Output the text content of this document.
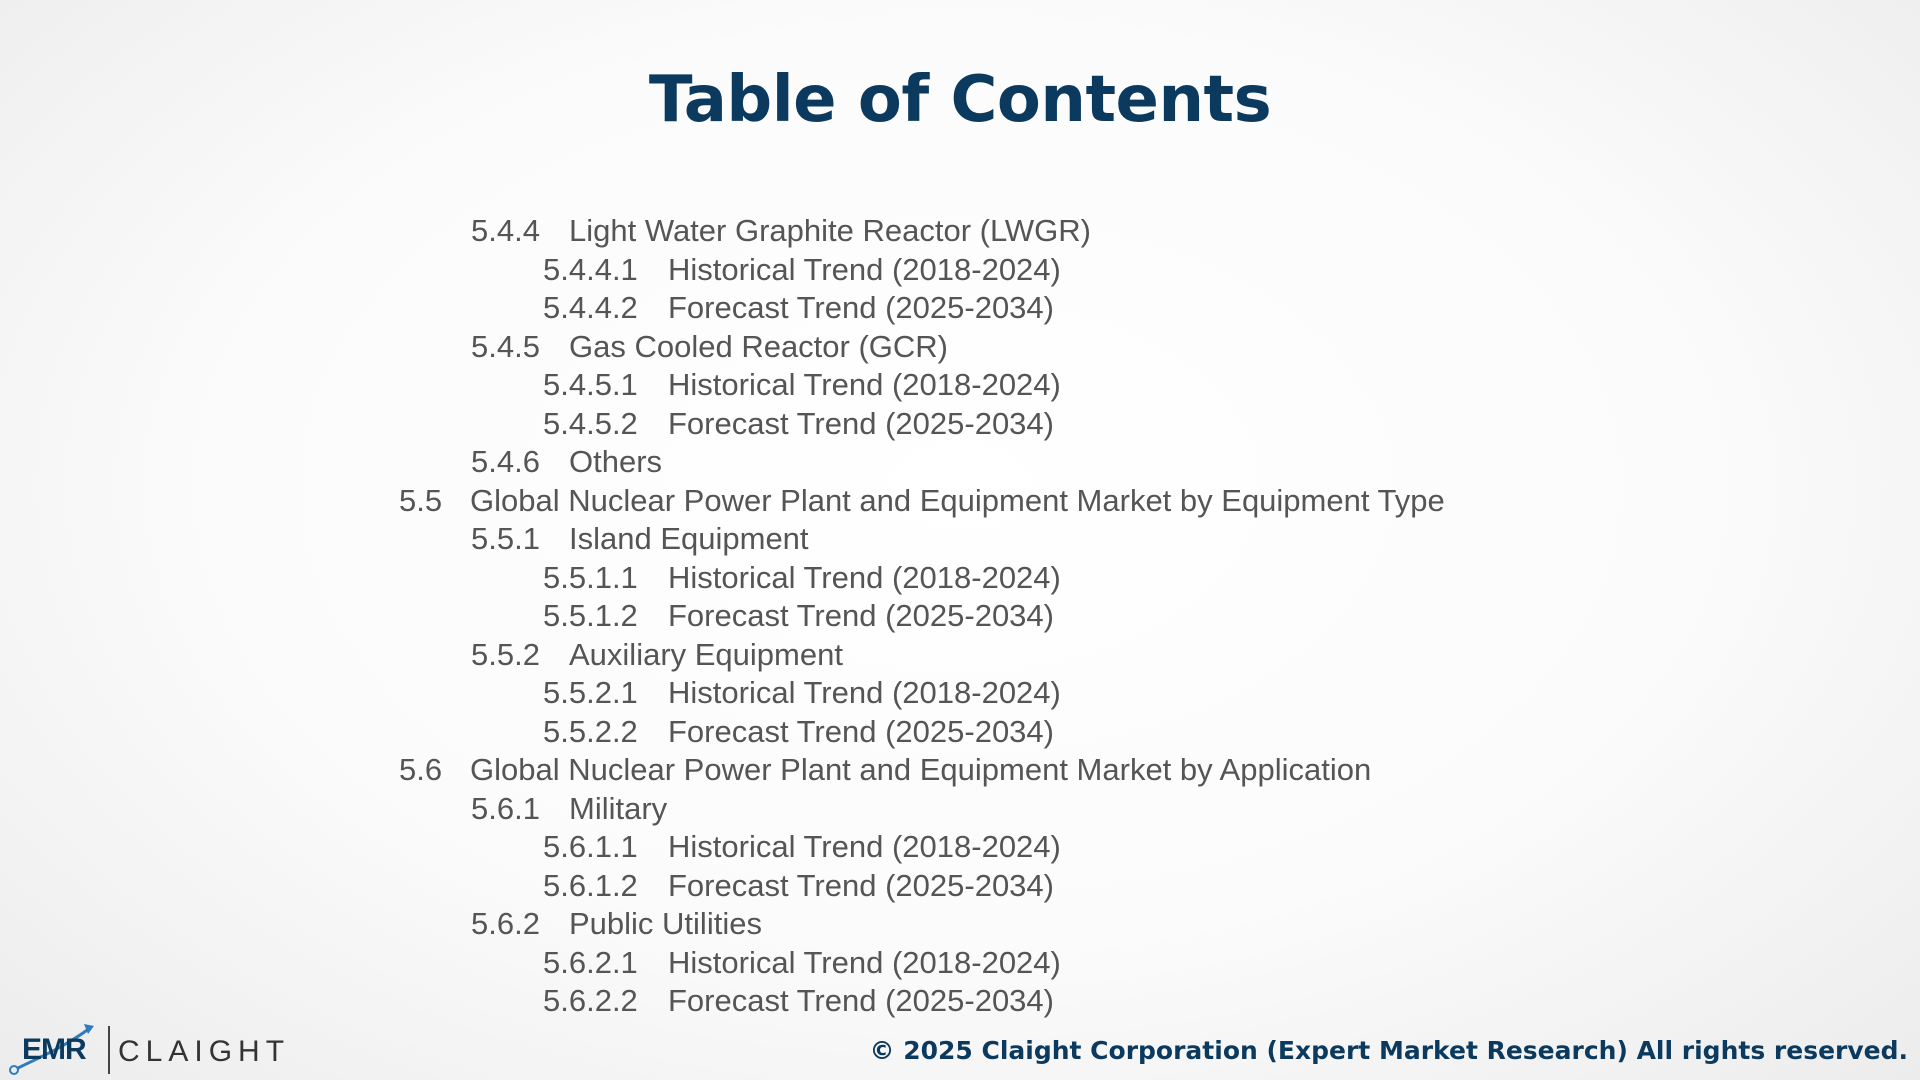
Table of Contents
5.4.4 Light Water Graphite Reactor (LWGR)
5.4.4.1 Historical Trend (2018-2024)
5.4.4.2 Forecast Trend (2025-2034)
5.4.5 Gas Cooled Reactor (GCR)
5.4.5.1 Historical Trend (2018-2024)
5.4.5.2 Forecast Trend (2025-2034)
5.4.6 Others
5.5 Global Nuclear Power Plant and Equipment Market by Equipment Type
5.5.1 Island Equipment
5.5.1.1 Historical Trend (2018-2024)
5.5.1.2 Forecast Trend (2025-2034)
5.5.2 Auxiliary Equipment
5.5.2.1 Historical Trend (2018-2024)
5.5.2.2 Forecast Trend (2025-2034)
5.6 Global Nuclear Power Plant and Equipment Market by Application
5.6.1 Military
5.6.1.1 Historical Trend (2018-2024)
5.6.1.2 Forecast Trend (2025-2034)
5.6.2 Public Utilities
5.6.2.1 Historical Trend (2018-2024)
5.6.2.2 Forecast Trend (2025-2034)
EMR CLAIGHT	© 2025 Claight Corporation (Expert Market Research) All rights reserved.
